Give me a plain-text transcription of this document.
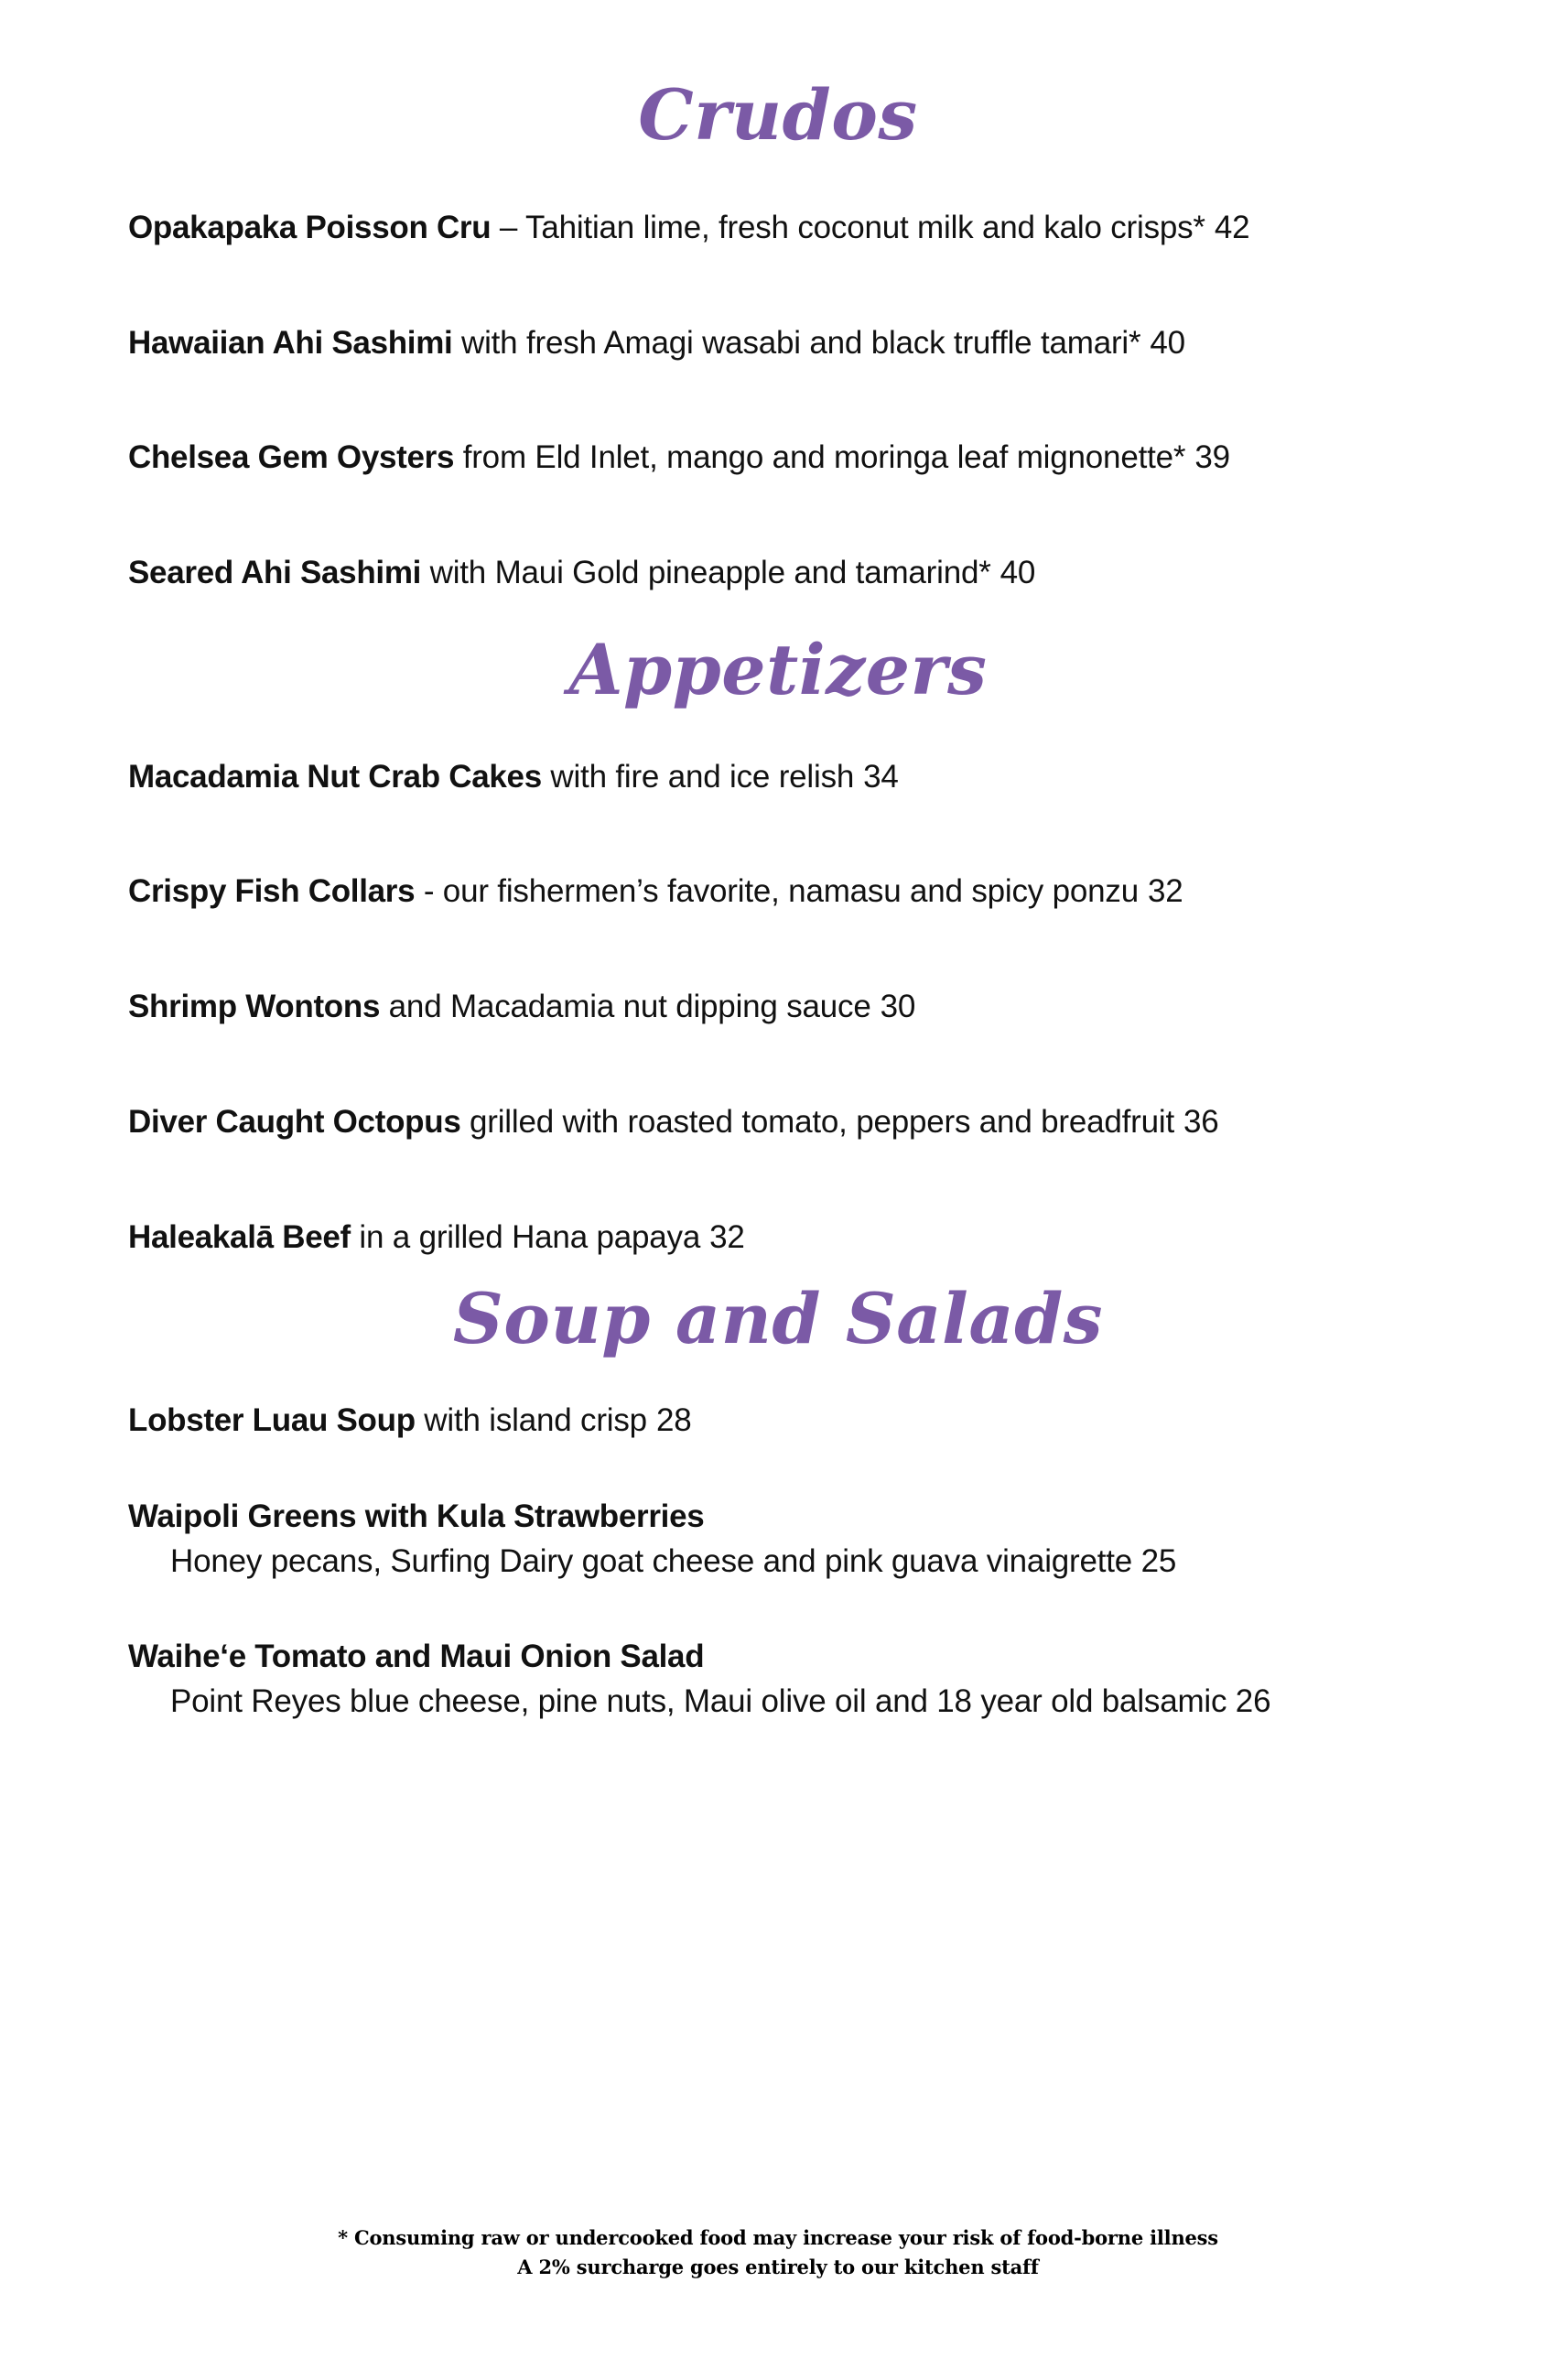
Crudos
Opakapaka Poisson Cru – Tahitian lime, fresh coconut milk and kalo crisps* 42
Hawaiian Ahi Sashimi with fresh Amagi wasabi and black truffle tamari* 40
Chelsea Gem Oysters from Eld Inlet, mango and moringa leaf mignonette* 39
Seared Ahi Sashimi with Maui Gold pineapple and tamarind* 40
Appetizers
Macadamia Nut Crab Cakes with fire and ice relish 34
Crispy Fish Collars - our fishermen’s favorite, namasu and spicy ponzu 32
Shrimp Wontons and Macadamia nut dipping sauce 30
Diver Caught Octopus grilled with roasted tomato, peppers and breadfruit 36
Haleakalā Beef in a grilled Hana papaya 32
Soup and Salads
Lobster Luau Soup with island crisp 28
Waipoli Greens with Kula Strawberries
Honey pecans, Surfing Dairy goat cheese and pink guava vinaigrette 25
Waiheʻe Tomato and Maui Onion Salad
Point Reyes blue cheese, pine nuts, Maui olive oil and 18 year old balsamic 26
* Consuming raw or undercooked food may increase your risk of food-borne illness
A 2% surcharge goes entirely to our kitchen staff
